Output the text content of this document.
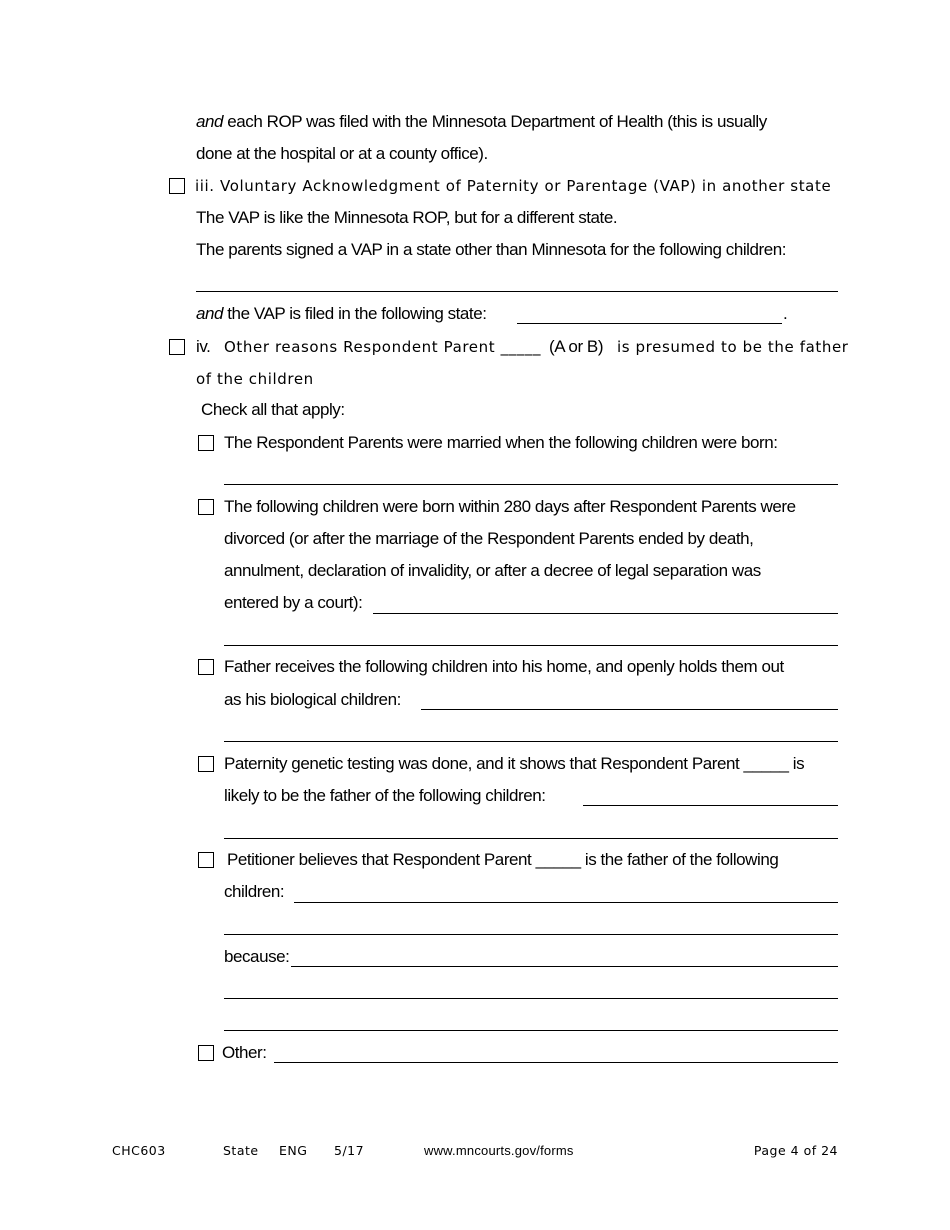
and each ROP was filed with the Minnesota Department of Health (this is usually
done at the hospital or at a county office).
iii. Voluntary Acknowledgment of Paternity or Parentage (VAP) in another state
The VAP is like the Minnesota ROP, but for a different state.
The parents signed a VAP in a state other than Minnesota for the following children:
and the VAP is filed in the following state:	.
iv. Other reasons Respondent Parent _____ (A or B) is presumed to be the father
of the children
Check all that apply:
The Respondent Parents were married when the following children were born:
The following children were born within 280 days after Respondent Parents were
divorced (or after the marriage of the Respondent Parents ended by death,
annulment, declaration of invalidity, or after a decree of legal separation was
entered by a court):
Father receives the following children into his home, and openly holds them out
as his biological children:
Paternity genetic testing was done, and it shows that Respondent Parent _____ is
likely to be the father of the following children:
Petitioner believes that Respondent Parent _____ is the father of the following
children:
because:
Other:
CHC603	State ENG 5/17	www.mncourts.gov/forms	Page 4 of 24
